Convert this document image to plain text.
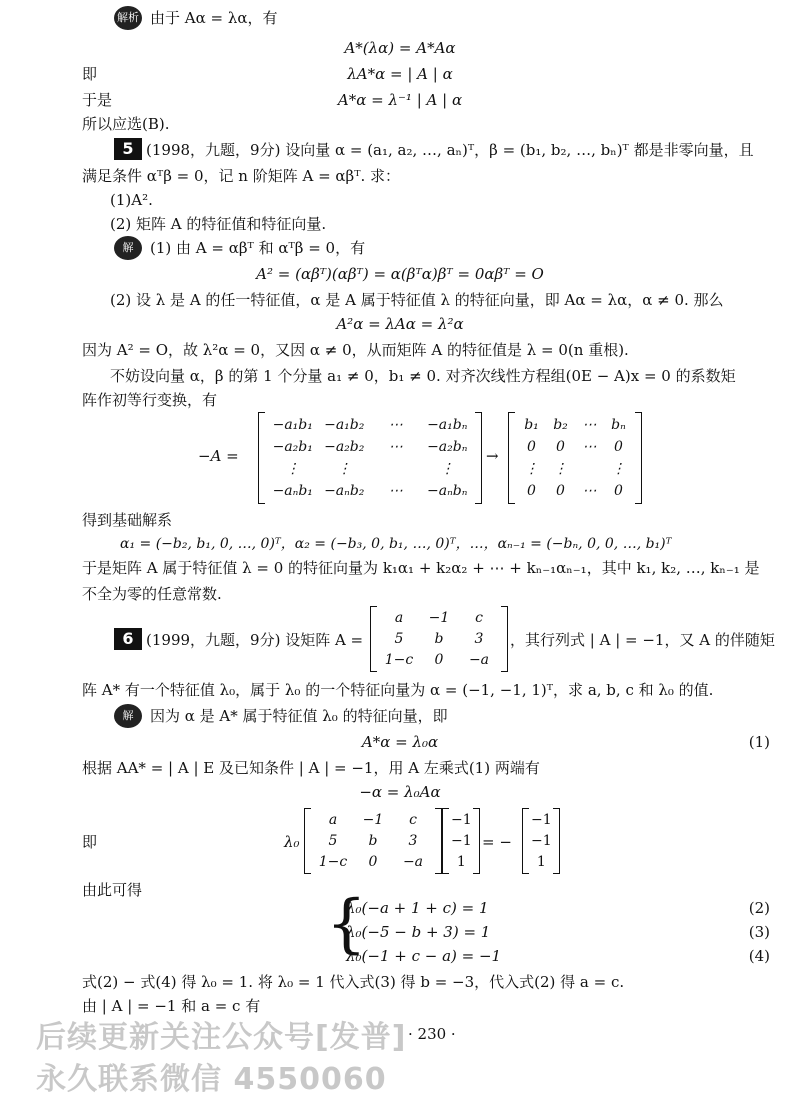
解析 由于 Aα = λα，有
A*(λα) = A*Aα
即	λA*α = | A | α
于是	A*α = λ⁻¹ | A | α
所以应选(B).
5 (1998，九题，9分) 设向量 α = (a₁, a₂, …, aₙ)ᵀ，β = (b₁, b₂, …, bₙ)ᵀ 都是非零向量，且
满足条件 αᵀβ = 0，记 n 阶矩阵 A = αβᵀ. 求：
(1)A².
(2) 矩阵 A 的特征值和特征向量.
解	(1) 由 A = αβᵀ 和 αᵀβ = 0，有
A² = (αβᵀ)(αβᵀ) = α(βᵀα)βᵀ = 0αβᵀ = O
(2) 设 λ 是 A 的任一特征值，α 是 A 属于特征值 λ 的特征向量，即 Aα = λα，α ≠ 0. 那么
A²α = λAα = λ²α
因为 A² = O，故 λ²α = 0，又因 α ≠ 0，从而矩阵 A 的特征值是 λ = 0(n 重根).
不妨设向量 α，β 的第 1 个分量 a₁ ≠ 0，b₁ ≠ 0. 对齐次线性方程组(0E − A)x = 0 的系数矩
阵作初等行变换，有
−A =
−a₁b₁ −a₁b₂ ⋯ −a₁bₙ
−a₂b₁ −a₂b₂ ⋯ −a₂bₙ
⋮	⋮	⋮
−aₙb₁ −aₙb₂ ⋯ −aₙbₙ
→
b₁ b₂ ⋯ bₙ
0 0 ⋯ 0
⋮ ⋮	⋮
0 0 ⋯ 0
得到基础解系
α₁ = (−b₂, b₁, 0, …, 0)ᵀ，α₂ = (−b₃, 0, b₁, …, 0)ᵀ，…，αₙ₋₁ = (−bₙ, 0, 0, …, b₁)ᵀ
于是矩阵 A 属于特征值 λ = 0 的特征向量为 k₁α₁ + k₂α₂ + ⋯ + kₙ₋₁αₙ₋₁，其中 k₁, k₂, …, kₙ₋₁ 是
不全为零的任意常数.
6 (1999，九题，9分) 设矩阵 A =
a −1 c
5 b 3
1−c 0 −a
，其行列式 | A | = −1，又 A 的伴随矩
阵 A* 有一个特征值 λ₀，属于 λ₀ 的一个特征向量为 α = (−1, −1, 1)ᵀ，求 a, b, c 和 λ₀ 的值.
解	因为 α 是 A* 属于特征值 λ₀ 的特征向量，即
A*α = λ₀α	(1)
根据 AA* = | A | E 及已知条件 | A | = −1，用 A 左乘式(1) 两端有
−α = λ₀Aα
即	λ₀
a −1 c
5 b 3
1−c 0 −a
−1
−1
1
= −
−1
−1
1
由此可得	{
λ₀(−a + 1 + c) = 1
λ₀(−5 − b + 3) = 1
λ₀(−1 + c − a) = −1
(2)
(3)
(4)
式(2) − 式(4) 得 λ₀ = 1. 将 λ₀ = 1 代入式(3) 得 b = −3，代入式(2) 得 a = c.
由 | A | = −1 和 a = c 有
· 230 ·
后续更新关注公众号[发普]
永久联系微信 4550060
